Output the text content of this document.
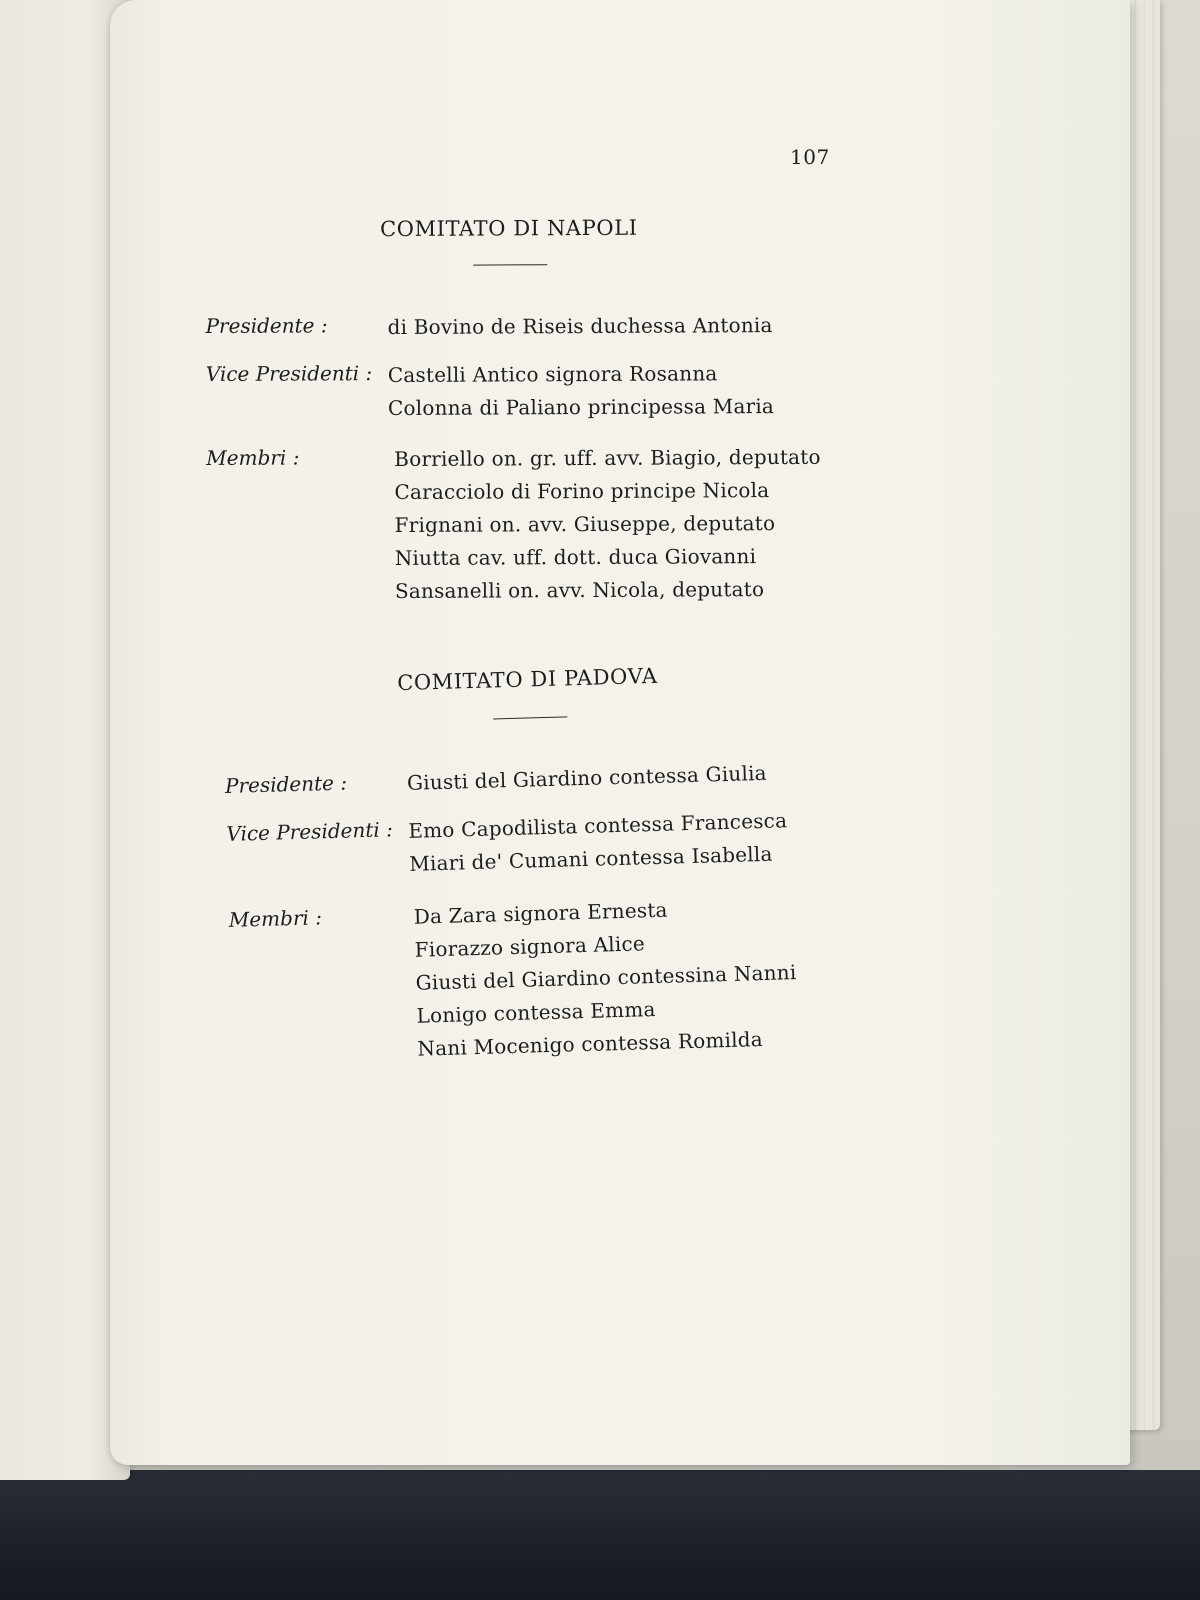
107
COMITATO DI NAPOLI
Presidente :	di Bovino de Riseis duchessa Antonia
Vice Presidenti : Castelli Antico signora Rosanna
Colonna di Paliano principessa Maria
Membri :	Borriello on. gr. uff. avv. Biagio, deputato
Caracciolo di Forino principe Nicola
Frignani on. avv. Giuseppe, deputato
Niutta cav. uff. dott. duca Giovanni
Sansanelli on. avv. Nicola, deputato
COMITATO DI PADOVA
Presidente :	Giusti del Giardino contessa Giulia
Vice Presidenti : Emo Capodilista contessa Francesca
Miari de' Cumani contessa Isabella
Membri :	Da Zara signora Ernesta
Fiorazzo signora Alice
Giusti del Giardino contessina Nanni
Lonigo contessa Emma
Nani Mocenigo contessa Romilda
